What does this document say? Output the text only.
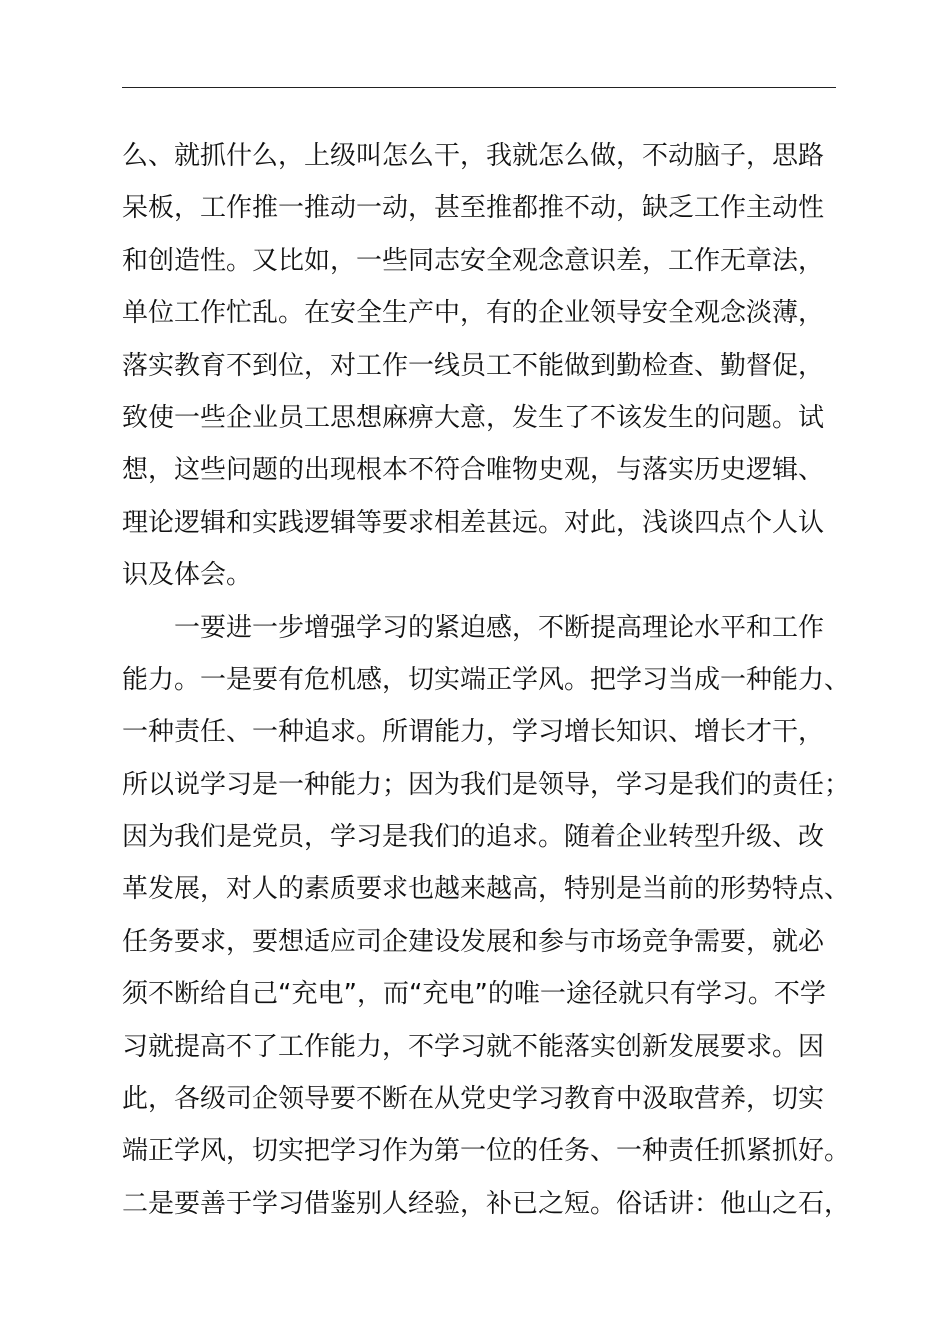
么、就抓什么，上级叫怎么干，我就怎么做，不动脑子，思路
呆板，工作推一推动一动，甚至推都推不动，缺乏工作主动性
和创造性。又比如，一些同志安全观念意识差，工作无章法，
单位工作忙乱。在安全生产中，有的企业领导安全观念淡薄，
落实教育不到位，对工作一线员工不能做到勤检查、勤督促，
致使一些企业员工思想麻痹大意，发生了不该发生的问题。试
想，这些问题的出现根本不符合唯物史观，与落实历史逻辑、
理论逻辑和实践逻辑等要求相差甚远。对此，浅谈四点个人认
识及体会。
　　一要进一步增强学习的紧迫感，不断提高理论水平和工作
能力。一是要有危机感，切实端正学风。把学习当成一种能力、
一种责任、一种追求。所谓能力，学习增长知识、增长才干，
所以说学习是一种能力；因为我们是领导，学习是我们的责任；
因为我们是党员，学习是我们的追求。随着企业转型升级、改
革发展，对人的素质要求也越来越高，特别是当前的形势特点、
任务要求，要想适应司企建设发展和参与市场竞争需要，就必
须不断给自己“充电”，而“充电”的唯一途径就只有学习。不学
习就提高不了工作能力，不学习就不能落实创新发展要求。因
此，各级司企领导要不断在从党史学习教育中汲取营养，切实
端正学风，切实把学习作为第一位的任务、一种责任抓紧抓好。
二是要善于学习借鉴别人经验，补已之短。俗话讲：他山之石，
